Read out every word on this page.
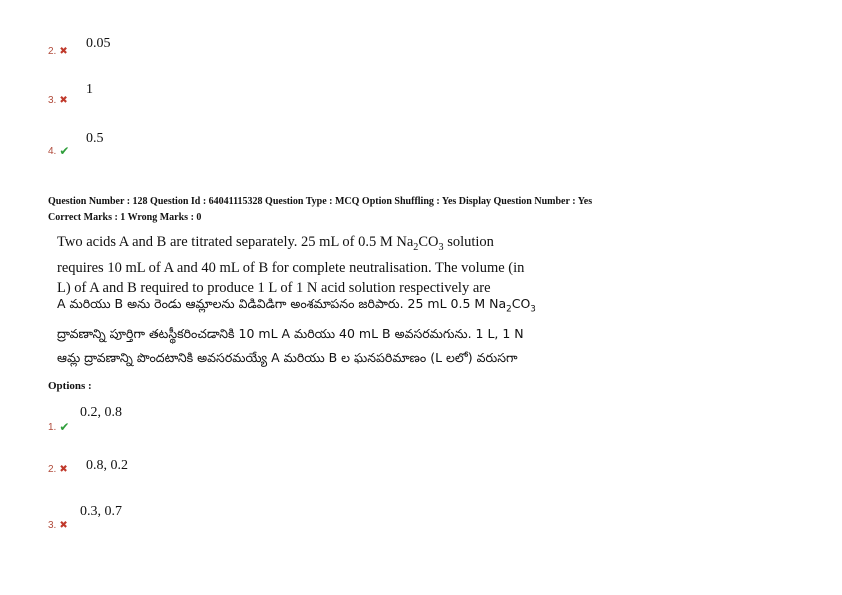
2. ✖
0.05
3. ✖
1
4. ✔
0.5
Question Number : 128 Question Id : 64041115328 Question Type : MCQ Option Shuffling : Yes Display Question Number : Yes
Correct Marks : 1 Wrong Marks : 0

Two acids A and B are titrated separately. 25 mL of 0.5 M $Na_2CO_3$ solution

requires 10 mL of A and 40 mL of B for complete neutralisation. The volume (in

L) of A and B required to produce 1 L of 1 N acid solution respectively are

A మరియు B అను రెండు ఆమ్లాలను విడివిడిగా అంశమాపనం జరిపారు. 25 mL 0.5 M $Na_2CO_3$

ద్రావణాన్ని పూర్తిగా తటస్థీకరించడానికి 10 mL A మరియు 40 mL B అవసరమగును. 1 L, 1 N

ఆమ్ల ద్రావణాన్ని పొందటానికి అవసరమయ్యే A మరియు B ల ఘనపరిమాణం (L లలో) వరుసగా

Options :
1. ✔
0.2, 0.8
2. ✖ 0.8, 0.2
3. ✖
0.3, 0.7
